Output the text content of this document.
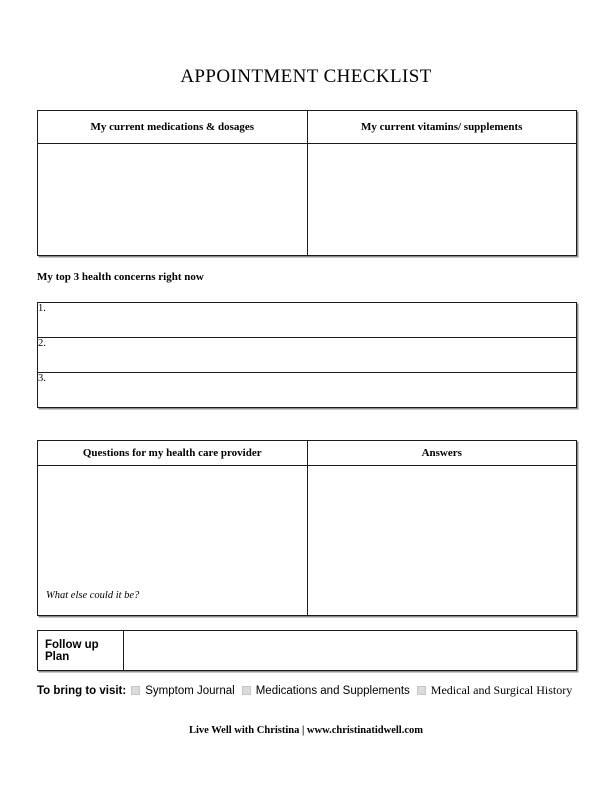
APPOINTMENT CHECKLIST
My current medications & dosages	My current vitamins/ supplements

My top 3 health concerns right now
1.
2.
3.
Questions for my health care provider	Answers

What else could it be?	

Follow up Plan	
To bring to visit: Symptom Journal Medications and Supplements Medical and Surgical History
Live Well with Christina | www.christinatidwell.com
